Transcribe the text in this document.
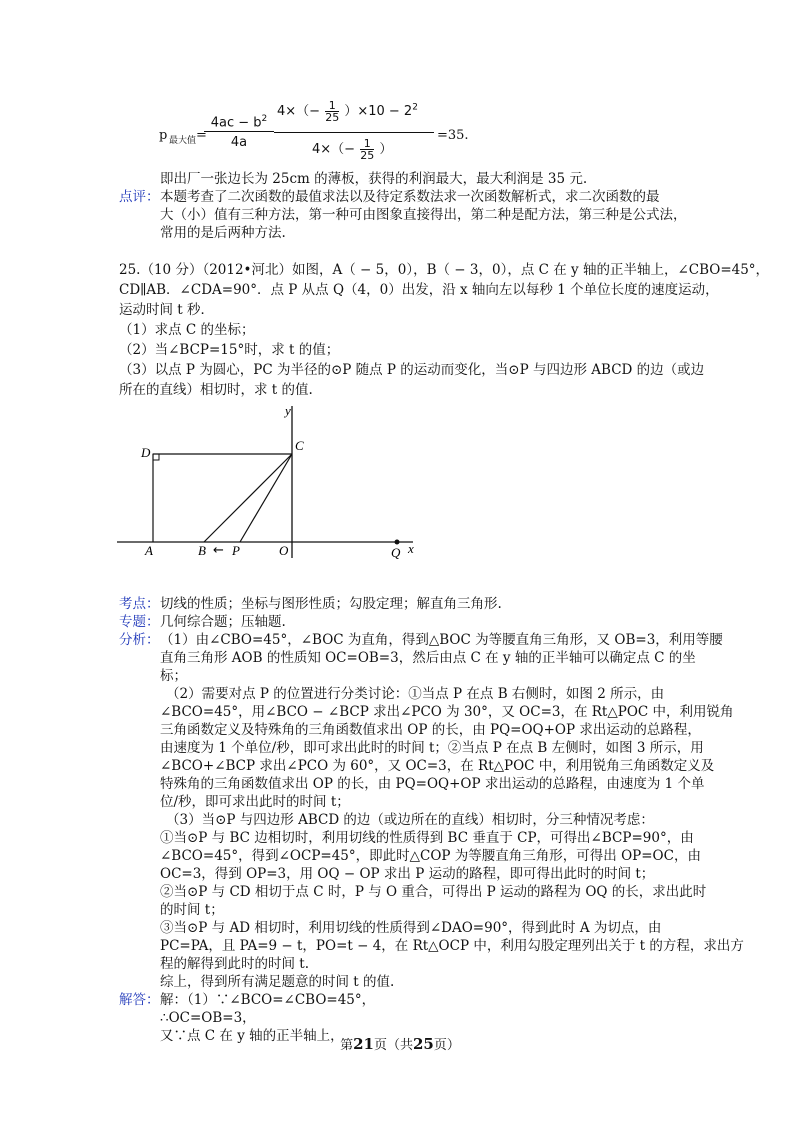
p 最大值 =
$\frac{4ac - b^2}{4a}$
$4\times(- \frac{1}{25} )\times 10 - 2^2$
$4\times(- \frac{1}{25}$ ）
=35.
即出厂一张边长为 25cm 的薄板，获得的利润最大，最大利润是 35 元.
点评： 本题考查了二次函数的最值求法以及待定系数法求一次函数解析式，求二次函数的最
大（小）值有三种方法，第一种可由图象直接得出，第二种是配方法，第三种是公式法，
常用的是后两种方法.
25.（10 分）（2012•河北）如图，A（ − 5，0），B（ − 3，0），点 C 在 y 轴的正半轴上，∠CBO=45°，
CD∥AB．∠CDA=90°．点 P 从点 Q（4，0）出发，沿 x 轴向左以每秒 1 个单位长度的速度运动，
运动时间 t 秒．
（1）求点 C 的坐标；
（2）当∠BCP=15°时，求 t 的值；
（3）以点 P 为圆心，PC 为半径的⊙P 随点 P 的运动而变化，当⊙P 与四边形 ABCD 的边（或边
所在的直线）相切时，求 t 的值.
y
x
C
D
A	B ← P	O	Q
考点： 切线的性质；坐标与图形性质；勾股定理；解直角三角形.
专题： 几何综合题；压轴题.
分析： （1）由∠CBO=45°，∠BOC 为直角，得到△BOC 为等腰直角三角形，又 OB=3，利用等腰
直角三角形 AOB 的性质知 OC=OB=3，然后由点 C 在 y 轴的正半轴可以确定点 C 的坐
标；
（2）需要对点 P 的位置进行分类讨论：①当点 P 在点 B 右侧时，如图 2 所示，由
∠BCO=45°，用∠BCO − ∠BCP 求出∠PCO 为 30°，又 OC=3，在 Rt△POC 中，利用锐角
三角函数定义及特殊角的三角函数值求出 OP 的长，由 PQ=OQ+OP 求出运动的总路程，
由速度为 1 个单位/秒，即可求出此时的时间 t；②当点 P 在点 B 左侧时，如图 3 所示，用
∠BCO+∠BCP 求出∠PCO 为 60°，又 OC=3，在 Rt△POC 中，利用锐角三角函数定义及
特殊角的三角函数值求出 OP 的长，由 PQ=OQ+OP 求出运动的总路程，由速度为 1 个单
位/秒，即可求出此时的时间 t；
（3）当⊙P 与四边形 ABCD 的边（或边所在的直线）相切时，分三种情况考虑：
①当⊙P 与 BC 边相切时，利用切线的性质得到 BC 垂直于 CP，可得出∠BCP=90°，由
∠BCO=45°，得到∠OCP=45°，即此时△COP 为等腰直角三角形，可得出 OP=OC，由
OC=3，得到 OP=3，用 OQ − OP 求出 P 运动的路程，即可得出此时的时间 t；
②当⊙P 与 CD 相切于点 C 时，P 与 O 重合，可得出 P 运动的路程为 OQ 的长，求出此时
的时间 t；
③当⊙P 与 AD 相切时，利用切线的性质得到∠DAO=90°，得到此时 A 为切点，由
PC=PA，且 PA=9 − t，PO=t − 4，在 Rt△OCP 中，利用勾股定理列出关于 t 的方程，求出方
程的解得到此时的时间 t.
综上，得到所有满足题意的时间 t 的值.
解答： 解：（1）∵∠BCO=∠CBO=45°，
∴OC=OB=3，
又∵点 C 在 y 轴的正半轴上，
第21页（共25页）
